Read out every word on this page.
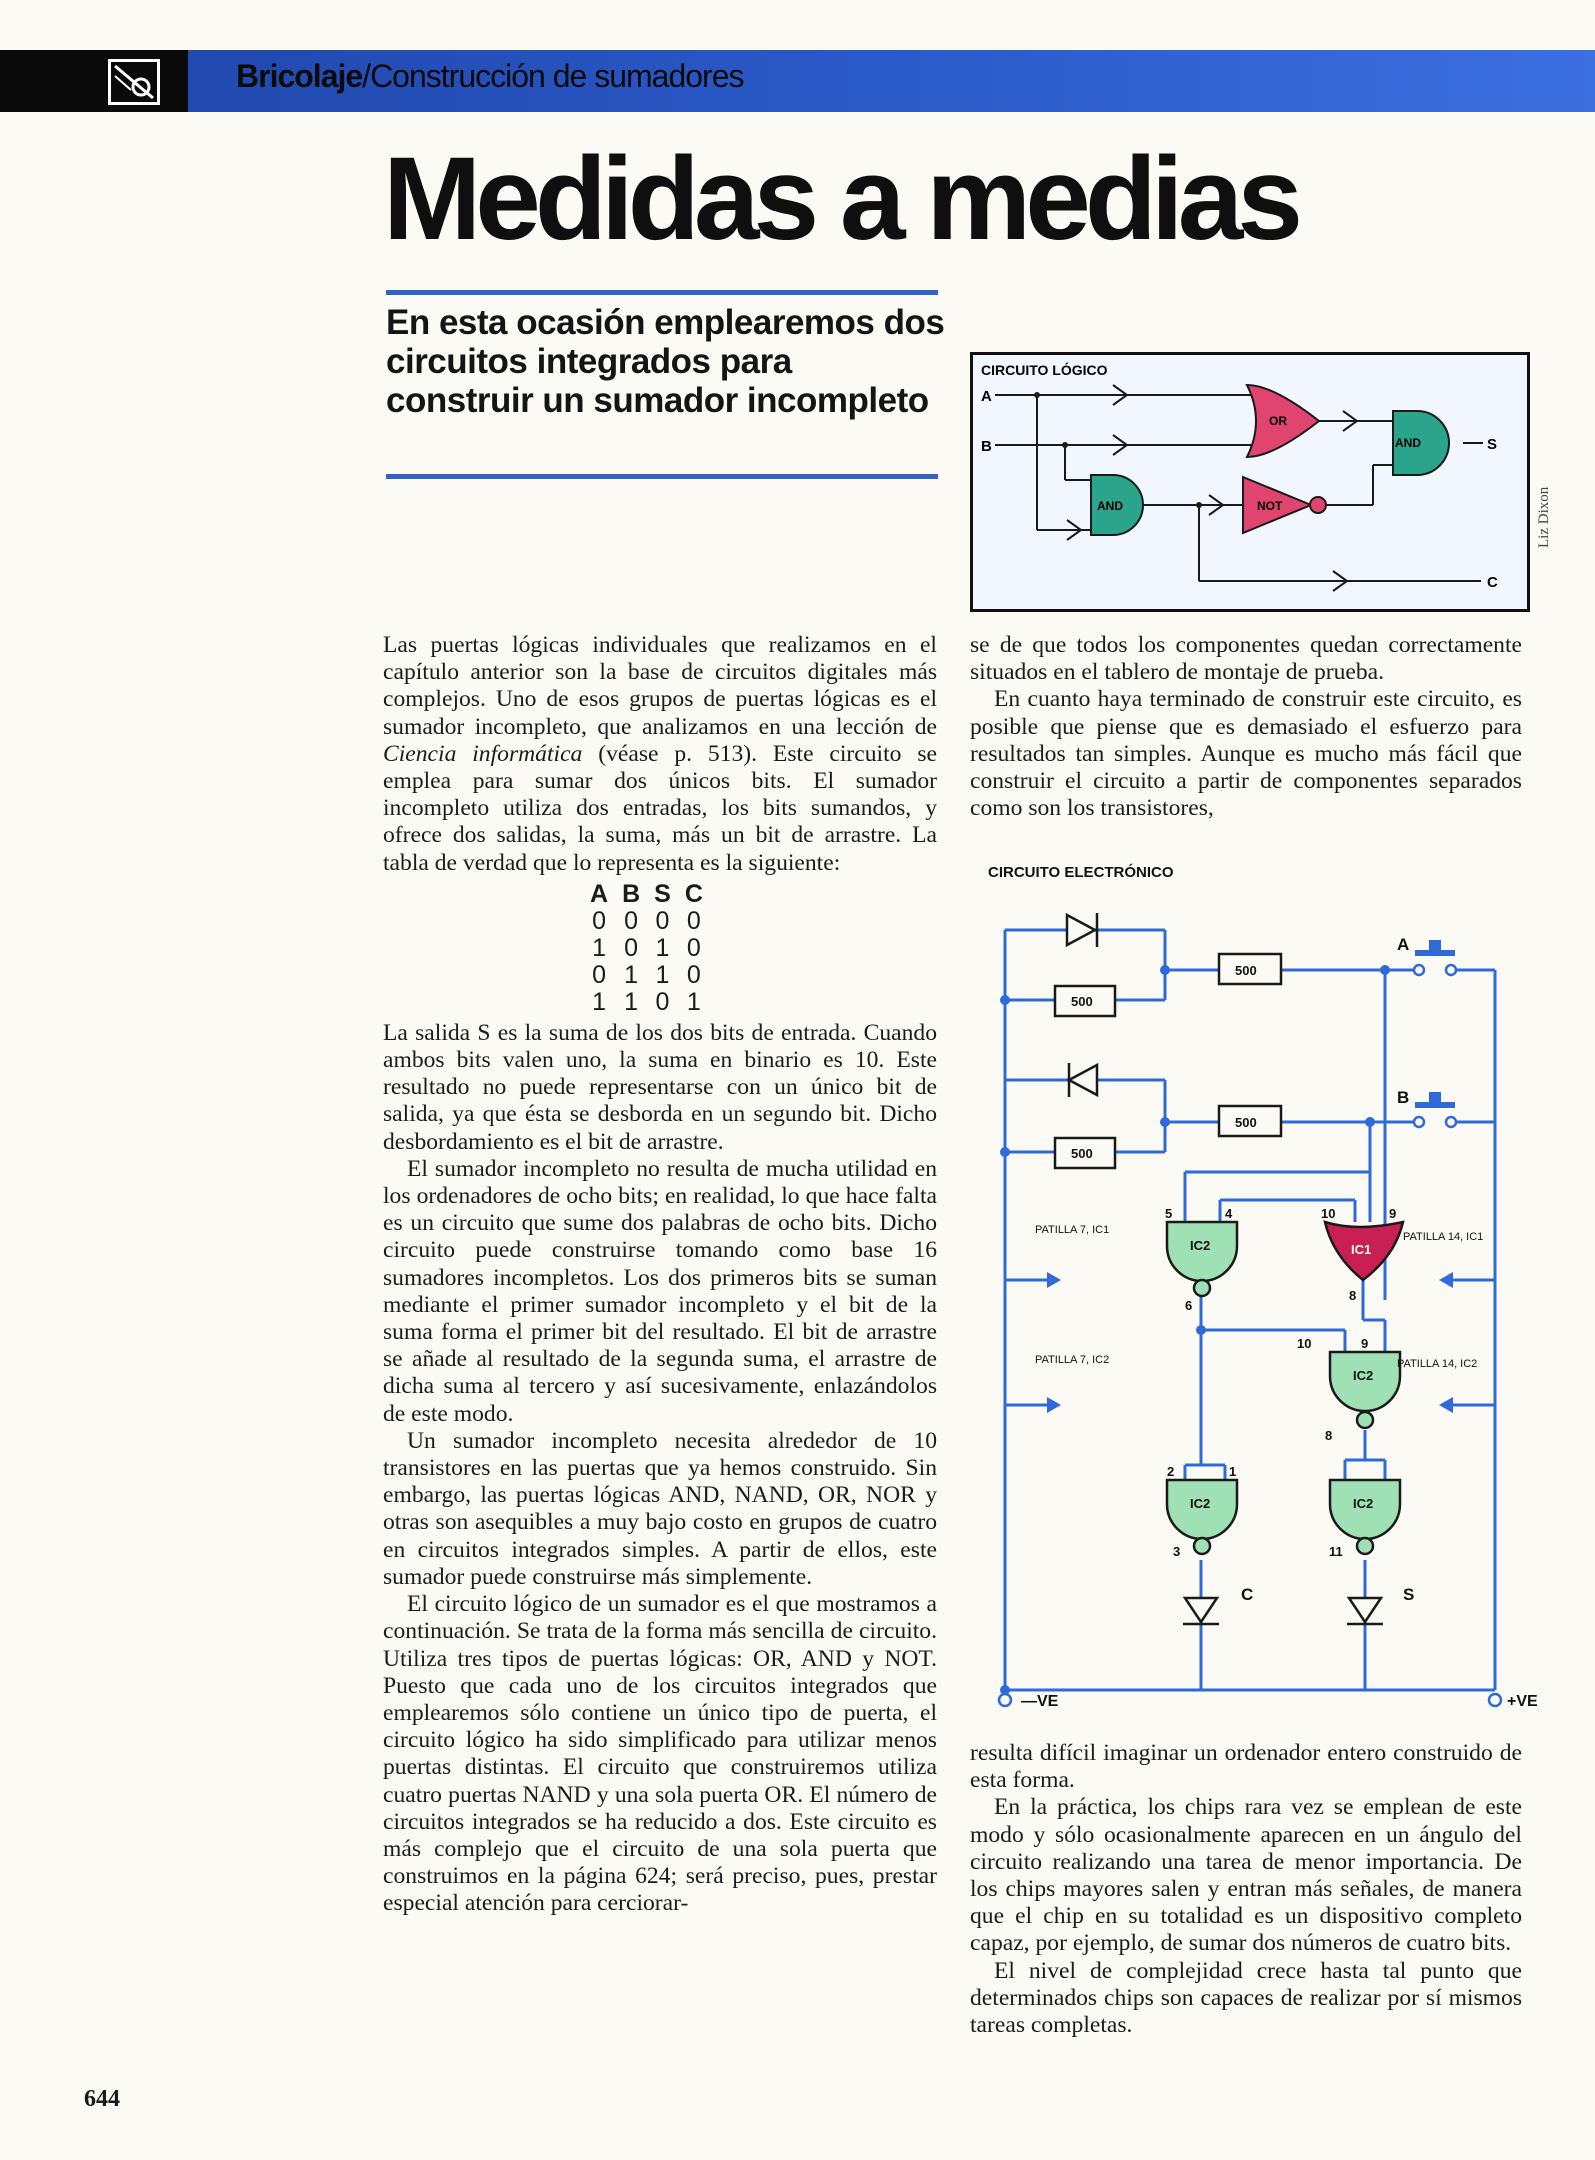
Bricolaje/Construcción de sumadores
Medidas a medias
En esta ocasión emplearemos dos circuitos integrados para construir un sumador incompleto
CIRCUITO LÓGICO
A
B	S
C
OR
AND	NOT
AND
Liz Dixon

Las puertas lógicas individuales que realizamos en el capítulo anterior son la base de circuitos digitales más complejos. Uno de esos grupos de puertas lógicas es el sumador incompleto, que analizamos en una lección de Ciencia informática (véase p. 513). Este circuito se emplea para sumar dos únicos bits. El sumador incompleto utiliza dos entradas, los bits sumandos, y ofrece dos salidas, la suma, más un bit de arrastre. La tabla de verdad que lo representa es la siguiente:

A	B	S	C
0	0	0	0
1	0	1	0
0	1	1	0
1	1	0	1

La salida S es la suma de los dos bits de entrada. Cuando ambos bits valen uno, la suma en binario es 10. Este resultado no puede representarse con un único bit de salida, ya que ésta se desborda en un segundo bit. Dicho desbordamiento es el bit de arrastre.

El sumador incompleto no resulta de mucha utilidad en los ordenadores de ocho bits; en realidad, lo que hace falta es un circuito que sume dos palabras de ocho bits. Dicho circuito puede construirse tomando como base 16 sumadores incompletos. Los dos primeros bits se suman mediante el primer sumador incompleto y el bit de la suma forma el primer bit del resultado. El bit de arrastre se añade al resultado de la segunda suma, el arrastre de dicha suma al tercero y así sucesivamente, enlazándolos de este modo.

Un sumador incompleto necesita alrededor de 10 transistores en las puertas que ya hemos construido. Sin embargo, las puertas lógicas AND, NAND, OR, NOR y otras son asequibles a muy bajo costo en grupos de cuatro en circuitos integrados simples. A partir de ellos, este sumador puede construirse más simplemente.

El circuito lógico de un sumador es el que mostramos a continuación. Se trata de la forma más sencilla de circuito. Utiliza tres tipos de puertas lógicas: OR, AND y NOT. Puesto que cada uno de los circuitos integrados que emplearemos sólo contiene un único tipo de puerta, el circuito lógico ha sido simplificado para utilizar menos puertas distintas. El circuito que construiremos utiliza cuatro puertas NAND y una sola puerta OR. El número de circuitos integrados se ha reducido a dos. Este circuito es más complejo que el circuito de una sola puerta que construimos en la página 624; será preciso, pues, prestar especial atención para cerciorar-

se de que todos los componentes quedan correctamente situados en el tablero de montaje de prueba.

En cuanto haya terminado de construir este circuito, es posible que piense que es demasiado el esfuerzo para resultados tan simples. Aunque es mucho más fácil que construir el circuito a partir de componentes separados como son los transistores,

CIRCUITO ELECTRÓNICO
500
500
500
500
A
B
IC2	IC1
IC2
IC2	IC2
5	4	10	9
6
8
10	9
8
2	1
3	11
C	S
—VE	+VE
PATILLA 7, IC1
PATILLA 14, IC1
PATILLA 7, IC2	PATILLA 14, IC2

resulta difícil imaginar un ordenador entero construido de esta forma.

En la práctica, los chips rara vez se emplean de este modo y sólo ocasionalmente aparecen en un ángulo del circuito realizando una tarea de menor importancia. De los chips mayores salen y entran más señales, de manera que el chip en su totalidad es un dispositivo completo capaz, por ejemplo, de sumar dos números de cuatro bits.

El nivel de complejidad crece hasta tal punto que determinados chips son capaces de realizar por sí mismos tareas completas.

644
